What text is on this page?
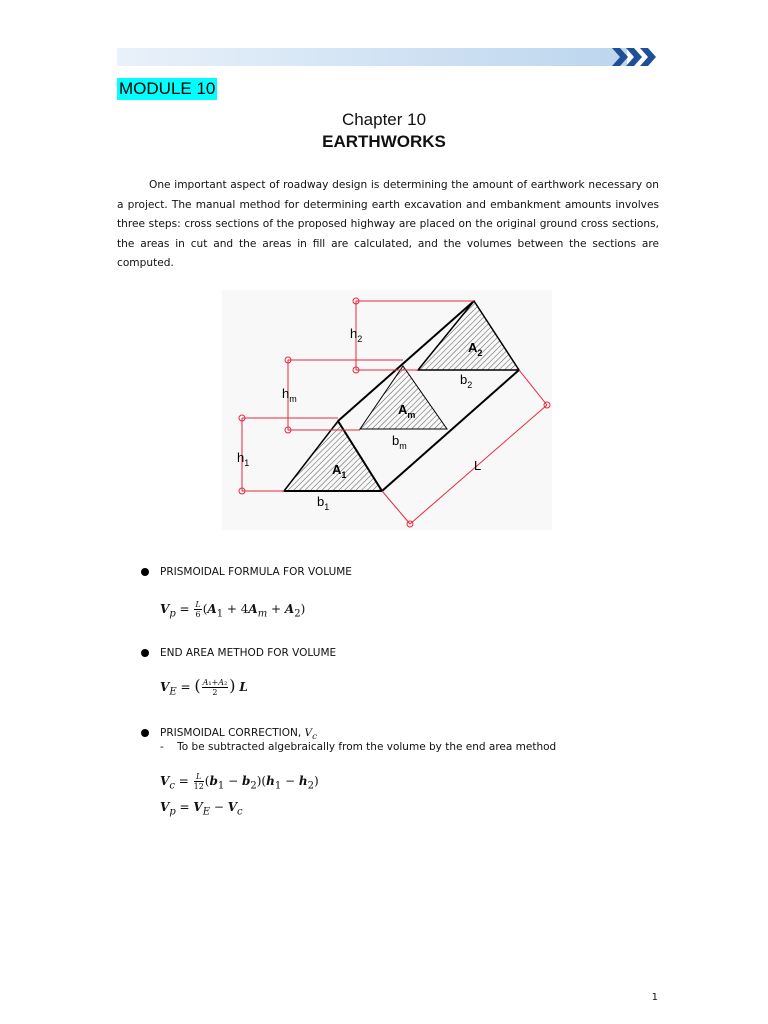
MODULE 10
Chapter 10
EARTHWORKS

One important aspect of roadway design is determining the amount of earthwork necessary on a project. The manual method for determining earth excavation and embankment amounts involves three steps: cross sections of the proposed highway are placed on the original ground cross sections, the areas in cut and the areas in fill are calculated, and the volumes between the sections are computed.

$h_2$
$h_m$
$h_1$
$A_2$
$A_m$
$A_1$
$b_2$
$b_m$
$b_1$
L
PRISMOIDAL FORMULA FOR VOLUME
$V_p = \frac{L}{6} (A_1 + 4A_m + A_2)$
END AREA METHOD FOR VOLUME
$V_E$ = ( $\frac{\text{A₁+A₂}}{2}$ ) L
PRISMOIDAL CORRECTION, $V_c$
-    To be subtracted algebraically from the volume by the end area method
$V_c = \frac{L}{12} (b_1 - b_2)(h_1 - h_2)$
$V_p = V_E - V_c$
1
